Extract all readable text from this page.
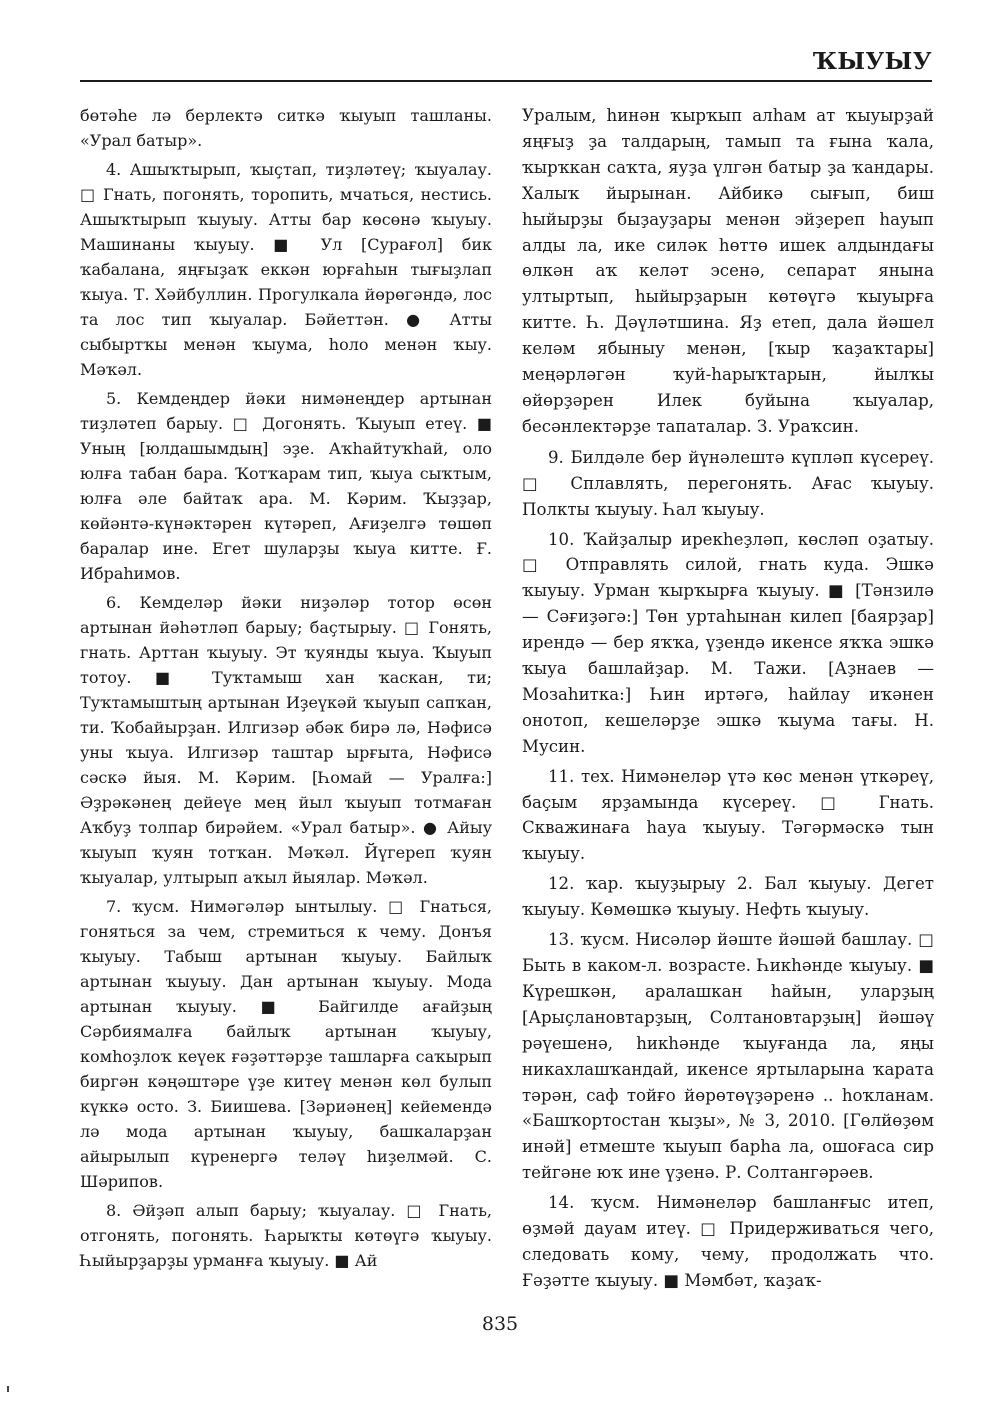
ҠЫУЫУ

бөтәһе лә берлектә ситкә ҡыуып ташланы. «Урал батыр».

4. Ашыҡтырып, ҡыҫтап, тиҙләтеү; ҡыуалау. □ Гнать, погонять, торопить, мчаться, нестись. Ашыҡтырып ҡыуыу. Атты бар көсөнә ҡыуыу. Машинаны ҡыуыу. ■ Ул [Сурағол] бик ҡабалана, яңғыҙаҡ еккән юрғаһын тығыҙлап ҡыуа. Т. Хәйбуллин. Прогулкала йөрөгәндә, лос та лос тип ҡыуалар. Бәйеттән. ● Атты сыбыртҡы менән ҡыума, һоло менән ҡыу. Мәҡәл.

5. Кемдеңдер йәки нимәнеңдер артынан тиҙләтеп барыу. □ Догонять. Ҡыуып етеү. ■ Уның [юлдашымдың] эҙе. Аҡһайтуҡһай, оло юлға табан бара. Ҡотҡарам тип, ҡыуа сыҡтым, юлға әле байтаҡ ара. М. Кәрим. Ҡыҙҙар, көйәнтә-күнәктәрен күтәреп, Ағиҙелгә төшөп баралар ине. Егет шуларҙы ҡыуа китте. Ғ. Ибраһимов.

6. Кемделәр йәки ниҙәләр тотор өсөн артынан йәһәтләп барыу; баҫтырыу. □ Гонять, гнать. Арттан ҡыуыу. Эт ҡуянды ҡыуа. Ҡыуып тотоу. ■ Туҡтамыш хан ҡаскан, ти; Туҡтамыштың артынан Иҙеүкәй ҡыуып сапҡан, ти. Ҡобайырҙан. Илгизәр әбәк бирә лә, Нәфисә уны ҡыуа. Илгизәр таштар ырғыта, Нәфисә сәскә йыя. М. Кәрим. [Һомай — Уралға:] Әҙрәкәнең дейеүе мең йыл ҡыуып тотмаған Аҡбуҙ толпар бирәйем. «Урал батыр». ● Айыу ҡыуып ҡуян тотҡан. Мәҡәл. Йүгереп ҡуян ҡыуалар, ултырып аҡыл йыялар. Мәҡәл.

7. ҡусм. Нимәгәләр ынтылыу. □ Гнаться, гоняться за чем, стремиться к чему. Донъя ҡыуыу. Табыш артынан ҡыуыу. Байлыҡ артынан ҡыуыу. Дан артынан ҡыуыу. Мода артынан ҡыуыу. ■ Байгилде ағайҙың Сәрбиямалға байлыҡ артынан ҡыуыу, комһоҙлоҡ кеүек ғәҙәттәрҙе ташларға саҡырып биргән кәңәштәре үҙе китеү менән көл булып күккә осто. З. Биишева. [Зәриәнең] кейемендә лә мода артынан ҡыуыу, башкаларҙан айырылып күренергә теләү һиҙелмәй. С. Шәрипов.

8. Әйҙәп алып барыу; ҡыуалау. □ Гнать, отгонять, погонять. Һарыҡты көтөүгә ҡыуыу. Һыйырҙарҙы урманға ҡыуыу. ■ Ай

Уралым, һинән ҡырҡып алһам ат ҡыуырҙай яңғыҙ ҙа талдарың, тамып та ғына ҡала, ҡырҡкан саҡта, яуҙа үлгән батыр ҙа ҡандары. Халыҡ йырынан. Айбикә сығып, биш һыйырҙы быҙауҙары менән эйҙереп һауып алды ла, ике силәк һөттө ишек алдындағы өлкән аҡ келәт эсенә, сепарат янына ултыртып, һыйырҙарын көтөүгә ҡыуырға китте. Һ. Дәүләтшина. Яҙ етеп, дала йәшел келәм ябыныу менән, [ҡыр ҡаҙаҡтары] меңәрләгән ҡуй-һарыҡтарын, йылҡы өйөрҙәрен Илек буйына ҡыуалар, бесәнлектәрҙе тапаталар. З. Ураҡсин.

9. Билдәле бер йүнәлештә күпләп күсереү. □ Сплавлять, перегонять. Ағас ҡыуыу. Полкты ҡыуыу. Һал ҡыуыу.

10. Ҡайҙалыр ирекһеҙләп, көсләп оҙатыу. □ Отправлять силой, гнать куда. Эшкә ҡыуыу. Урман ҡырҡырға ҡыуыу. ■ [Тәнзилә — Сәғиҙәгә:] Төн уртаһынан килеп [баярҙар] ирендә — бер яҡҡа, үҙендә икенсе яҡҡа эшкә ҡыуа башлайҙар. М. Тажи. [Аҙнаев — Мозаһитка:] Һин иртәгә, һайлау иҡәнен онотоп, кешеләрҙе эшкә ҡыума тағы. Н. Мусин.

11. тех. Нимәнеләр үтә көс менән үткәреү, баҫым ярҙамында күсереү. □ Гнать. Скважинаға һауа ҡыуыу. Тәгәрмәскә тын ҡыуыу.

12. ҡар. ҡыуҙырыу 2. Бал ҡыуыу. Дегет ҡыуыу. Көмөшкә ҡыуыу. Нефть ҡыуыу.

13. ҡусм. Нисәләр йәште йәшәй башлау. □ Быть в каком-л. возрасте. Һикһәнде ҡыуыу. ■ Күрешкән, аралашкан һайын, уларҙың [Арыҫлановтарҙың, Солтановтарҙың] йәшәү рәүешенә, һикһәнде ҡыуғанда ла, яңы никахлашҡандай, икенсе яртыларына ҡарата тәрән, саф тойғо йөрөтөүҙәренә .. һоҡланам. «Башҡортостан ҡыҙы», № 3, 2010. [Гөлйөҙөм инәй] етмеште ҡыуып барһа ла, ошоғаса сир тейгәне юҡ ине үҙенә. Р. Солтангәрәев.

14. ҡусм. Нимәнеләр башланғыс итеп, өҙмәй дауам итеү. □ Придерживаться чего, следовать кому, чему, продолжать что. Ғәҙәтте ҡыуыу. ■ Мәмбәт, ҡаҙаҡ-

835
